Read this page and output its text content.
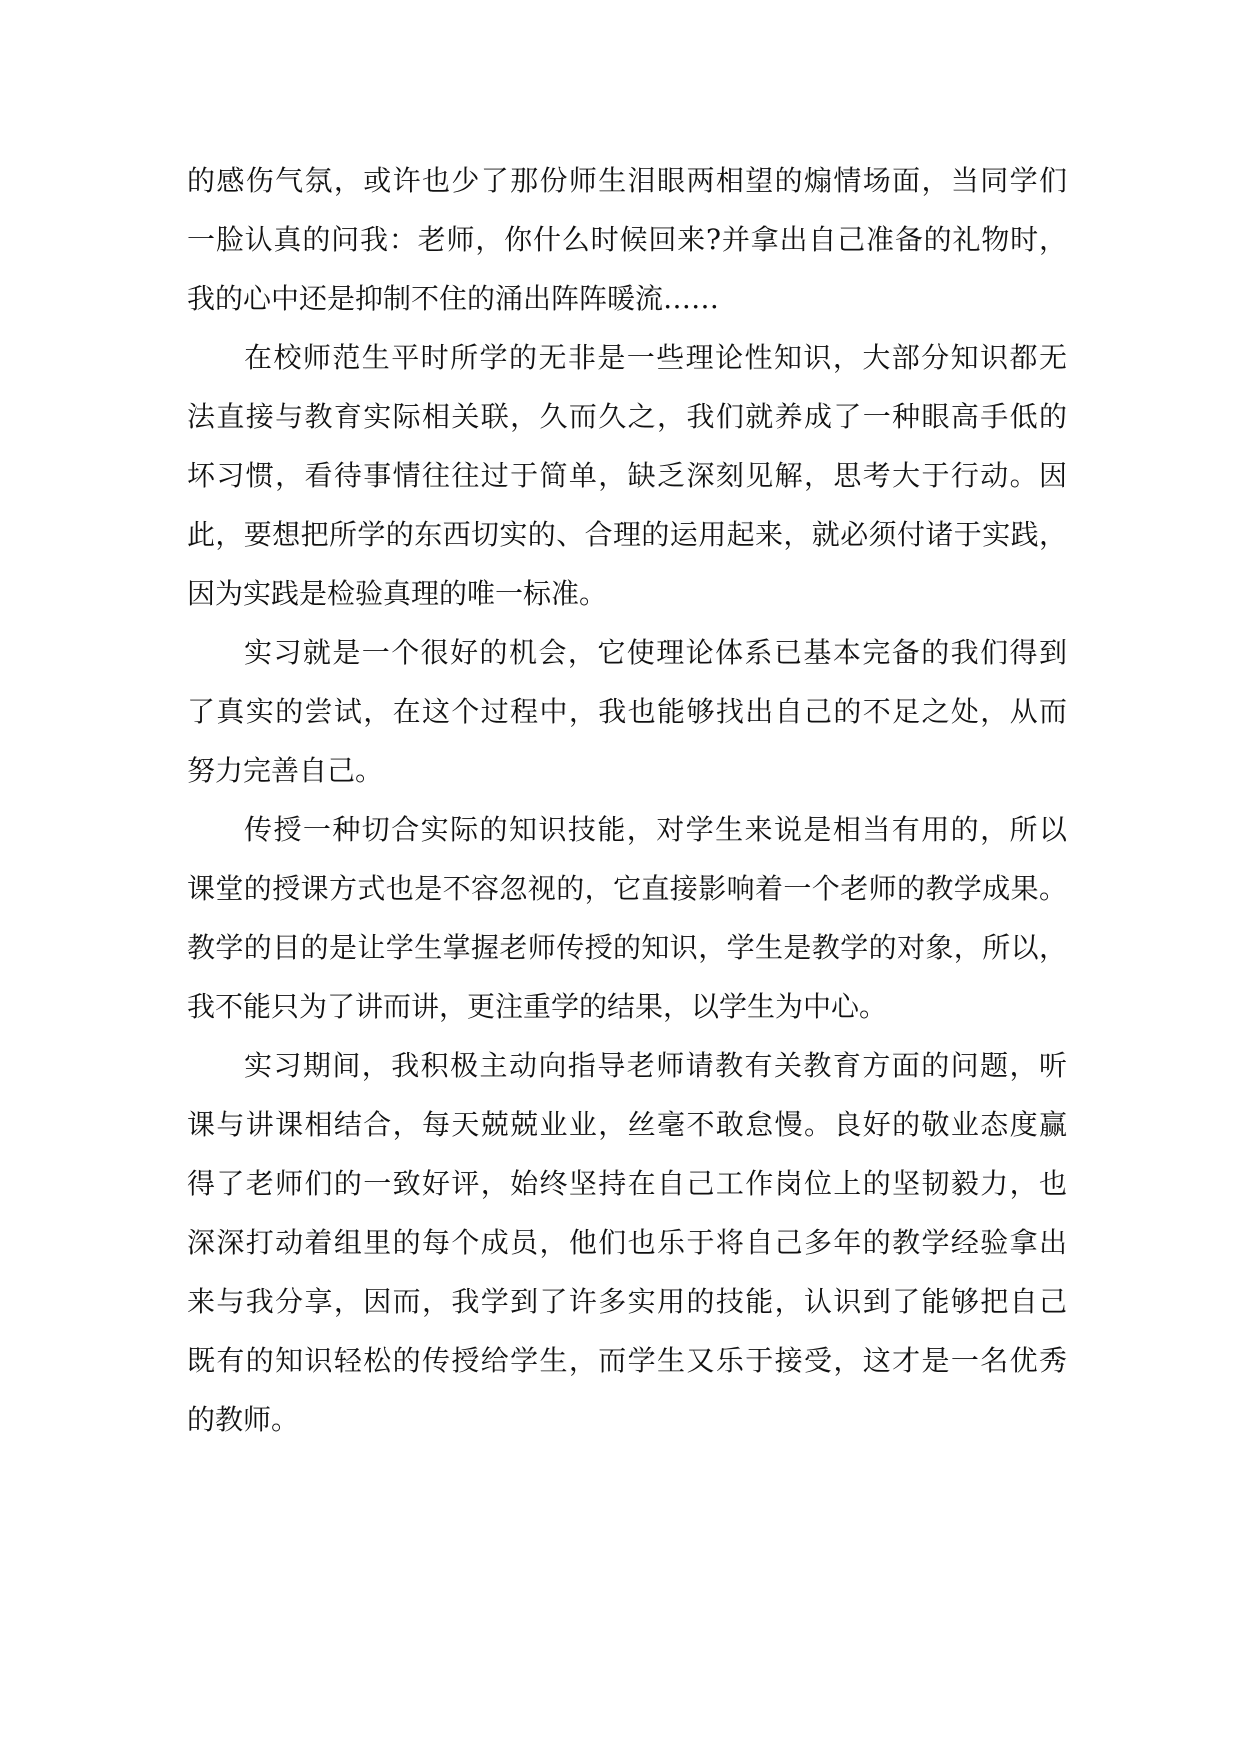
的感伤气氛，或许也少了那份师生泪眼两相望的煽情场面，当同学们
一脸认真的问我：老师，你什么时候回来?并拿出自己准备的礼物时，
我的心中还是抑制不住的涌出阵阵暖流……
在校师范生平时所学的无非是一些理论性知识，大部分知识都无
法直接与教育实际相关联，久而久之，我们就养成了一种眼高手低的
坏习惯，看待事情往往过于简单，缺乏深刻见解，思考大于行动。因
此，要想把所学的东西切实的、合理的运用起来，就必须付诸于实践，
因为实践是检验真理的唯一标准。
实习就是一个很好的机会，它使理论体系已基本完备的我们得到
了真实的尝试，在这个过程中，我也能够找出自己的不足之处，从而
努力完善自己。
传授一种切合实际的知识技能，对学生来说是相当有用的，所以
课堂的授课方式也是不容忽视的，它直接影响着一个老师的教学成果。
教学的目的是让学生掌握老师传授的知识，学生是教学的对象，所以，
我不能只为了讲而讲，更注重学的结果，以学生为中心。
实习期间，我积极主动向指导老师请教有关教育方面的问题，听
课与讲课相结合，每天兢兢业业，丝毫不敢怠慢。良好的敬业态度赢
得了老师们的一致好评，始终坚持在自己工作岗位上的坚韧毅力，也
深深打动着组里的每个成员，他们也乐于将自己多年的教学经验拿出
来与我分享，因而，我学到了许多实用的技能，认识到了能够把自己
既有的知识轻松的传授给学生，而学生又乐于接受，这才是一名优秀
的教师。
